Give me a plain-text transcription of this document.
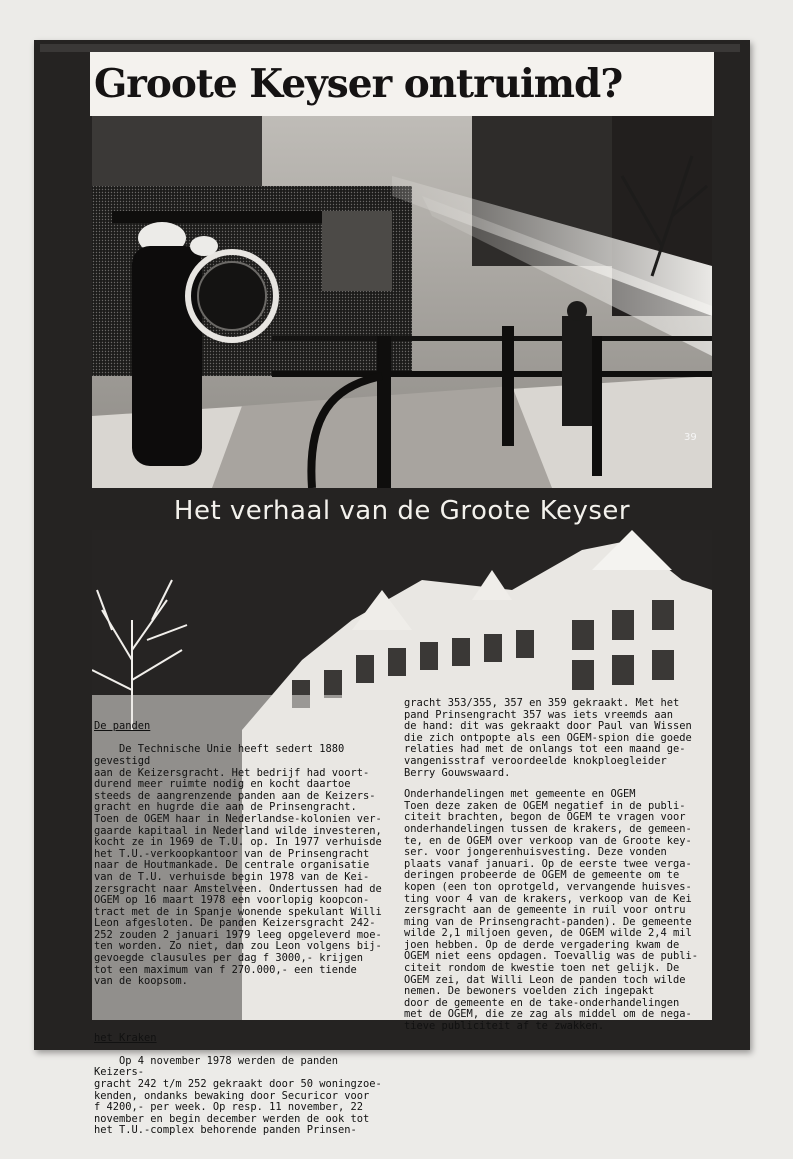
Groote Keyser ontruimd?
39
Het verhaal van de Groote Keyser

De panden

De Technische Unie heeft sedert 1880 gevestigd
aan de Keizersgracht. Het bedrijf had voort-
durend meer ruimte nodig en kocht daartoe
steeds de aangrenzende panden aan de Keizers-
gracht en hugrde die aan de Prinsengracht.
Toen de OGEM haar in Nederlandse-kolonien ver-
gaarde kapitaal in Nederland wilde investeren,
kocht ze in 1969 de T.U. op. In 1977 verhuisde
het T.U.-verkoopkantoor van de Prinsengracht
naar de Houtmankade. De centrale organisatie
van de T.U. verhuisde begin 1978 van de Kei-
zersgracht naar Amstelveen. Ondertussen had de
OGEM op 16 maart 1978 een voorlopig koopcon-
tract met de in Spanje wonende spekulant Willi
Leon afgesloten. De panden Keizersgracht 242-
252 zouden 2 januari 1979 leeg opgeleverd moe-
ten worden. Zo niet, dan zou Leon volgens bij-
gevoegde clausules per dag f 3000,- krijgen
tot een maximum van f 270.000,- een tiende
van de koopsom.

het Kraken

Op 4 november 1978 werden de panden Keizers-
gracht 242 t/m 252 gekraakt door 50 woningzoe-
kenden, ondanks bewaking door Securicor voor
f 4200,- per week. Op resp. 11 november, 22
november en begin december werden de ook tot
het T.U.-complex behorende panden Prinsen-

gracht 353/355, 357 en 359 gekraakt. Met het
pand Prinsengracht 357 was iets vreemds aan
de hand: dit was gekraakt door Paul van Wissen
die zich ontpopte als een OGEM-spion die goede
relaties had met de onlangs tot een maand ge-
vangenisstraf veroordeelde knokploegleider
Berry Gouwswaard.
Onderhandelingen met gemeente en OGEM
Toen deze zaken de OGEM negatief in de publi-
citeit brachten, begon de OGEM te vragen voor
onderhandelingen tussen de krakers, de gemeen-
te, en de OGEM over verkoop van de Groote key-
ser. voor jongerenhuisvesting. Deze vonden
plaats vanaf januari. Op de eerste twee verga-
deringen probeerde de OGEM de gemeente om te
kopen (een ton oprotgeld, vervangende huisves-
ting voor 4 van de krakers, verkoop van de Kei
zersgracht aan de gemeente in ruil voor ontru
ming van de Prinsengracht-panden). De gemeente
wilde 2,1 miljoen geven, de OGEM wilde 2,4 mil
joen hebben. Op de derde vergadering kwam de
OGEM niet eens opdagen. Toevallig was de publi-
citeit rondom de kwestie toen net gelijk. De
OGEM zei, dat Willi Leon de panden toch wilde
nemen. De bewoners voelden zich ingepakt
door de gemeente en de take-onderhandelingen
met de OGEM, die ze zag als middel om de nega-
tieve publiciteit af te zwakken.
